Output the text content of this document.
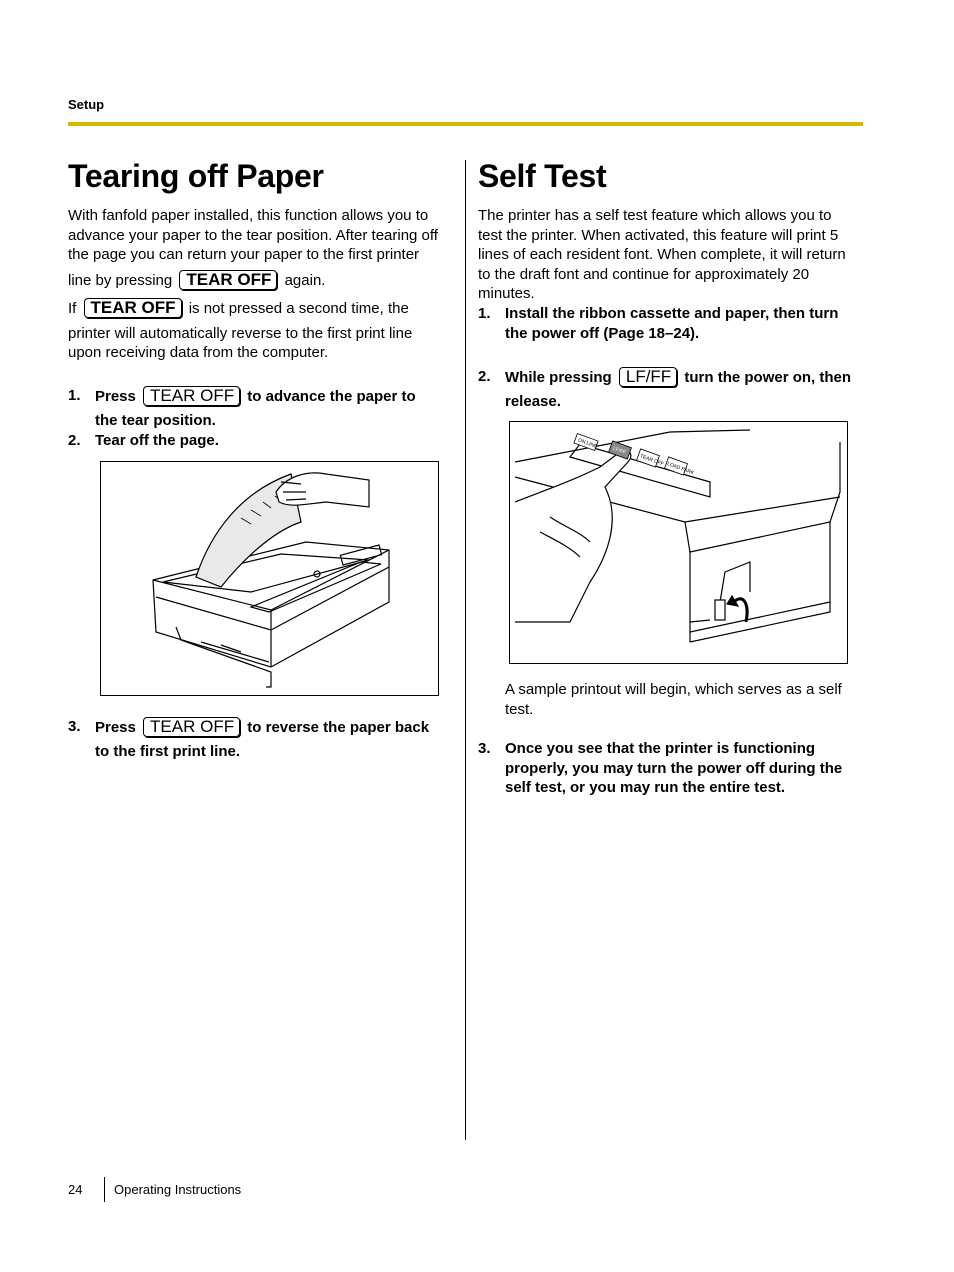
Setup
Tearing off Paper
With fanfold paper installed, this function allows you to
advance your paper to the tear position. After tearing off
the page you can return your paper to the first printer
line by pressing TEAR OFF again.
If TEAR OFF is not pressed a second time, the
printer will automatically reverse to the first print line
upon receiving data from the computer.
1. Press TEAR OFF to advance the paper to
the tear position.
2. Tear off the page.
3. Press TEAR OFF to reverse the paper back
to the first print line.
Self Test
The printer has a self test feature which allows you to
test the printer. When activated, this feature will print 5
lines of each resident font. When complete, it will return
to the draft font and continue for approximately 20
minutes.
1. Install the ribbon cassette and paper, then turn
the power off (Page 18–24).
2. While pressing LF/FF turn the power on, then
release.
ON LINE
LF/FF
TEAR OFF
LOAD PARK
A sample printout will begin, which serves as a self
test.
3. Once you see that the printer is functioning
properly, you may turn the power off during the
self test, or you may run the entire test.
24 Operating Instructions
